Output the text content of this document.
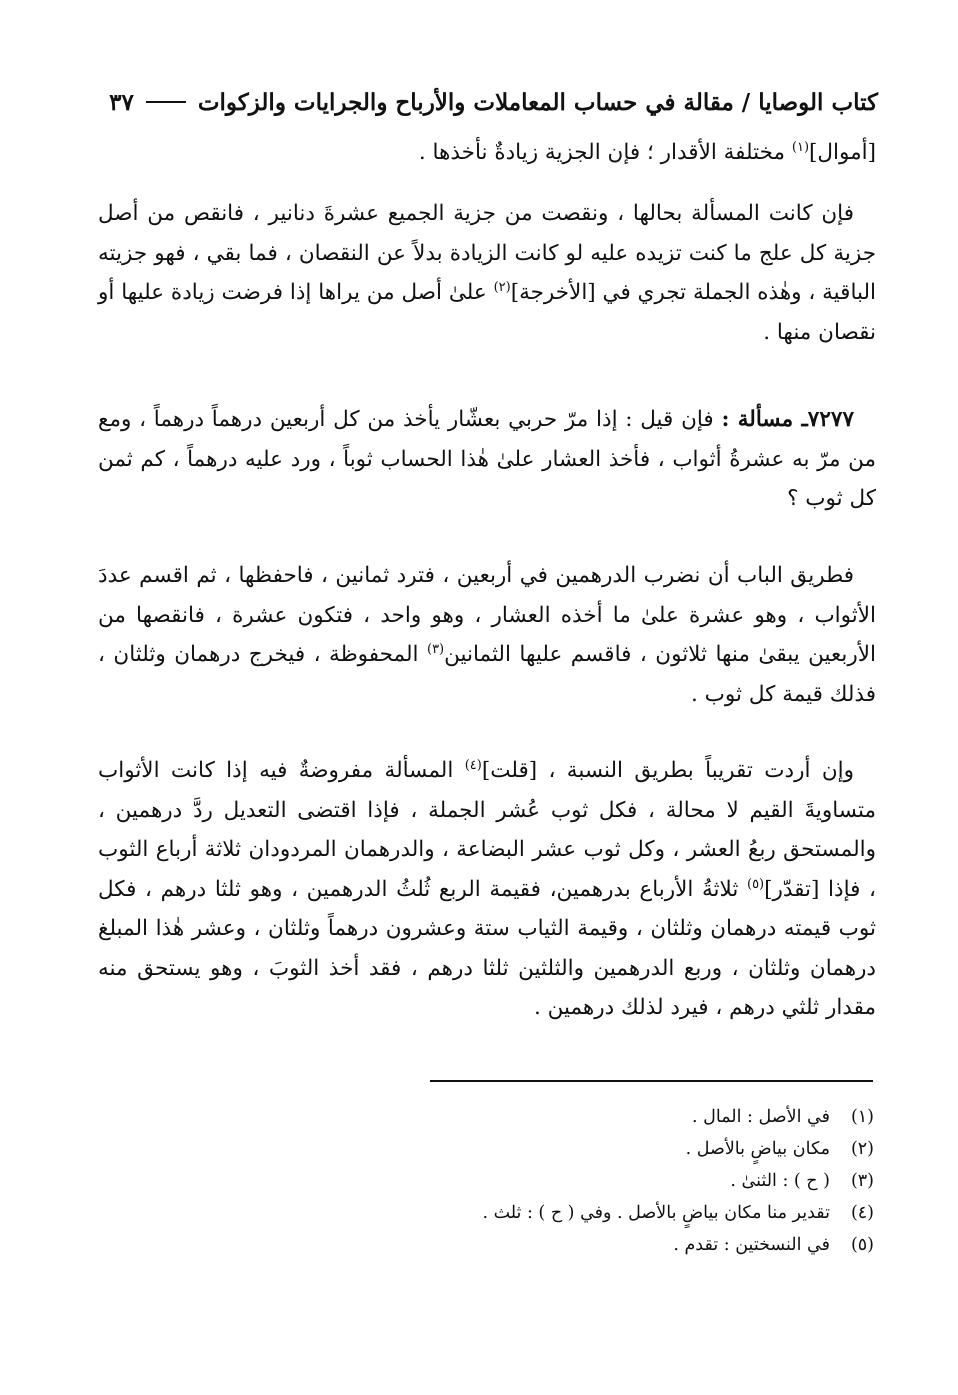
كتاب الوصايا / مقالة في حساب المعاملات والأرباح والجرايات والزكوات
٣٧

[أموال]$^{(١)}$ مختلفة الأقدار ؛ فإن الجزية زيادةٌ نأخذها .

فإن كانت المسألة بحالها ، ونقصت من جزية الجميع عشرةَ دنانير ، فانقص من أصل جزية كل علج ما كنت تزيده عليه لو كانت الزيادة بدلاً عن النقصان ، فما بقي ، فهو جزيته الباقية ، وهٰذه الجملة تجري في [الأخرجة]$^{(٢)}$ علىٰ أصل من يراها إذا فرضت زيادة عليها أو نقصان منها .

٧٢٧٧ـ مسألة : فإن قيل : إذا مرّ حربي بعشّار يأخذ من كل أربعين درهماً درهماً ، ومع من مرّ به عشرةُ أثواب ، فأخذ العشار علىٰ هٰذا الحساب ثوباً ، ورد عليه درهماً ، كم ثمن كل ثوب ؟

فطريق الباب أن نضرب الدرهمين في أربعين ، فترد ثمانين ، فاحفظها ، ثم اقسم عددَ الأثواب ، وهو عشرة علىٰ ما أخذه العشار ، وهو واحد ، فتكون عشرة ، فانقصها من الأربعين يبقىٰ منها ثلاثون ، فاقسم عليها الثمانين$^{(٣)}$ المحفوظة ، فيخرج درهمان وثلثان ، فذلك قيمة كل ثوب .

وإن أردت تقريباً بطريق النسبة ، [قلت]$^{(٤)}$ المسألة مفروضةٌ فيه إذا كانت الأثواب متساويةَ القيم لا محالة ، فكل ثوب عُشر الجملة ، فإذا اقتضى التعديل ردَّ درهمين ، والمستحق ربعُ العشر ، وكل ثوب عشر البضاعة ، والدرهمان المردودان ثلاثة أرباع الثوب ، فإذا [تقدّر]$^{(٥)}$ ثلاثةُ الأرباع بدرهمين، فقيمة الربع ثُلثُ الدرهمين ، وهو ثلثا درهم ، فكل ثوب قيمته درهمان وثلثان ، وقيمة الثياب ستة وعشرون درهماً وثلثان ، وعشر هٰذا المبلغ درهمان وثلثان ، وربع الدرهمين والثلثين ثلثا درهم ، فقد أخذ الثوبَ ، وهو يستحق منه مقدار ثلثي درهم ، فيرد لذلك درهمين .

(١)
في الأصل : المال .
(٢)
مكان بياضٍ بالأصل .
(٣)
( ح ) : الثنىٰ .
(٤)
تقدير منا مكان بياضٍ بالأصل . وفي ( ح ) : ثلث .
(٥)
في النسختين : تقدم .
